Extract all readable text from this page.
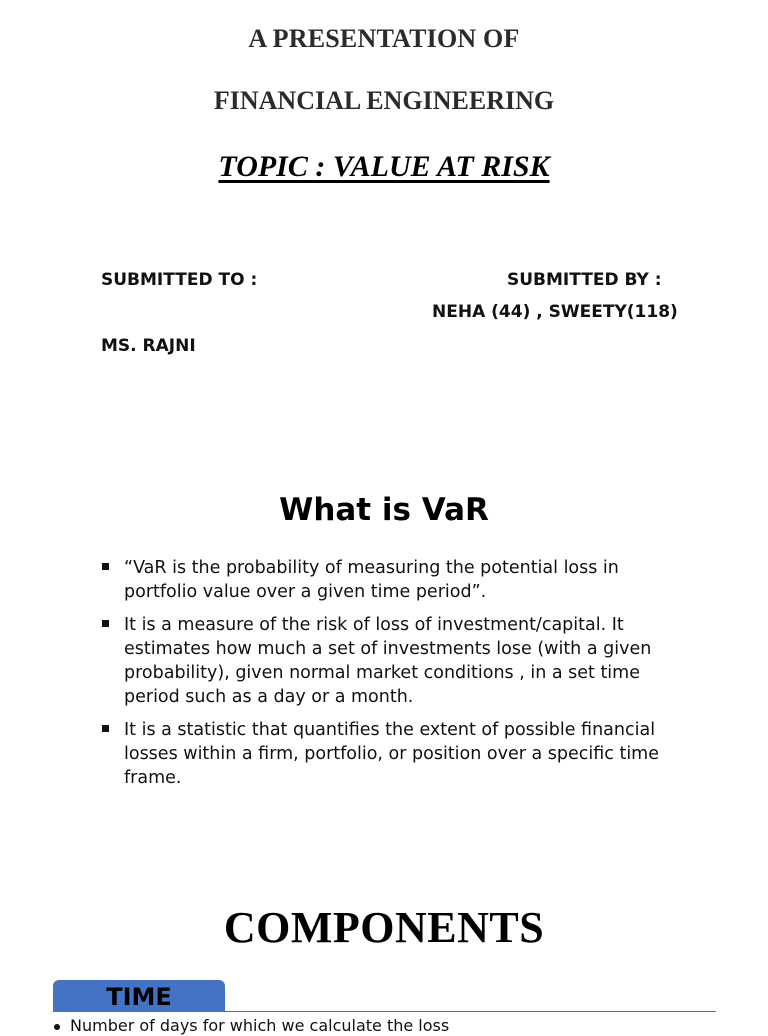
A PRESENTATION OF
FINANCIAL ENGINEERING
TOPIC : VALUE AT RISK
SUBMITTED TO :	SUBMITTED BY :
NEHA (44) , SWEETY(118)
MS. RAJNI
What is VaR
“VaR is the probability of measuring the potential loss in portfolio value over a given time period”.
It is a measure of the risk of loss of investment/capital. It estimates how much a set of investments lose (with a given probability), given normal market conditions , in a set time period such as a day or a month.
It is a statistic that quantifies the extent of possible financial losses within a firm, portfolio, or position over a specific time frame.
COMPONENTS
TIME
Number of days for which we calculate the loss
